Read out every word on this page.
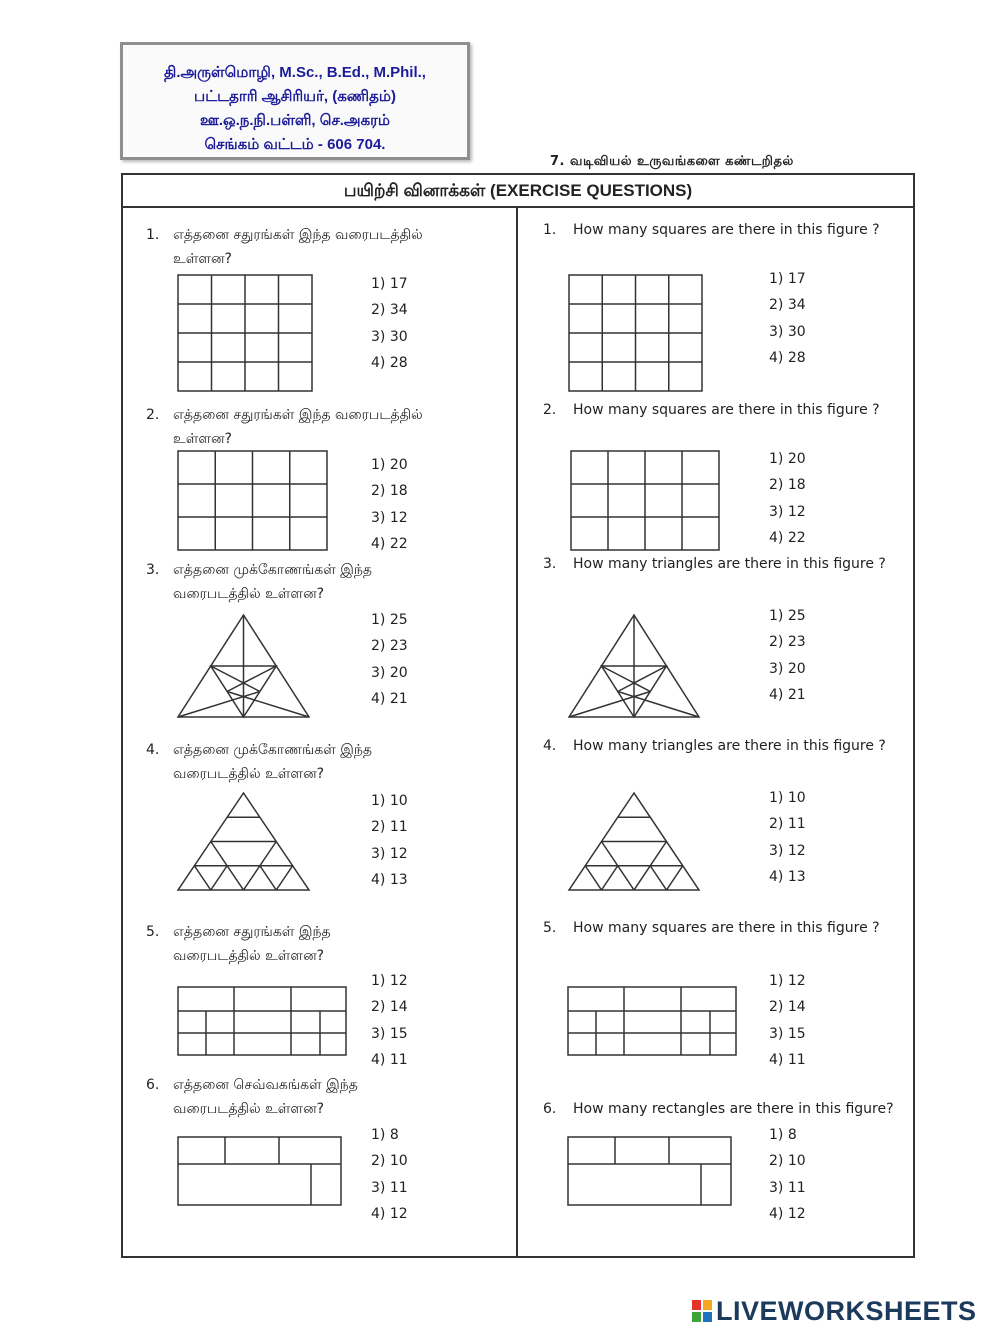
தி.அருள்மொழி, M.Sc., B.Ed., M.Phil.,
பட்டதாரி ஆசிரியர், (கணிதம்)
ஊ.ஒ.ந.நி.பள்ளி, செ.அகரம்
செங்கம் வட்டம் - 606 704.
7. வடிவியல் உருவங்களை கண்டறிதல்
பயிற்சி வினாக்கள் (EXERCISE QUESTIONS)
1. எத்தனை சதுரங்கள் இந்த வரைபடத்தில்
உள்ளன?
1) 17
2) 34
3) 30
4) 28
2. எத்தனை சதுரங்கள் இந்த வரைபடத்தில்
உள்ளன?
1) 20
2) 18
3) 12
4) 22
3. எத்தனை முக்கோணங்கள் இந்த
வரைபடத்தில் உள்ளன?
1) 25
2) 23
3) 20
4) 21
4. எத்தனை முக்கோணங்கள் இந்த
வரைபடத்தில் உள்ளன?
1) 10
2) 11
3) 12
4) 13
5. எத்தனை சதுரங்கள் இந்த
வரைபடத்தில் உள்ளன?
1) 12
2) 14
3) 15
4) 11
6. எத்தனை செவ்வகங்கள் இந்த
வரைபடத்தில் உள்ளன?
1) 8
2) 10
3) 11
4) 12
1. How many squares are there in this figure ?
1) 17
2) 34
3) 30
4) 28
2. How many squares are there in this figure ?
1) 20
2) 18
3) 12
4) 22
3. How many triangles are there in this figure ?
1) 25
2) 23
3) 20
4) 21
4. How many triangles are there in this figure ?
1) 10
2) 11
3) 12
4) 13
5. How many squares are there in this figure ?
1) 12
2) 14
3) 15
4) 11
6. How many rectangles are there in this figure?
1) 8
2) 10
3) 11
4) 12
LIVEWORKSHEETS
